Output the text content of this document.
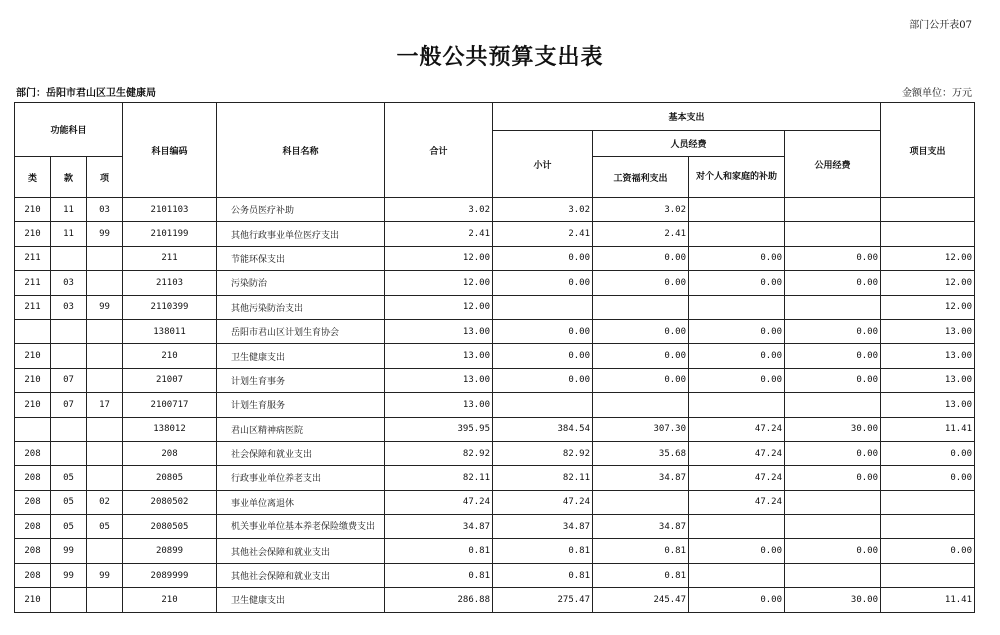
部门公开表07
一般公共预算支出表
部门：岳阳市君山区卫生健康局	金额单位：万元
功能科目			科目编码	科目名称	合计	基本支出				项目支出
						小计	人员经费		公用经费	
类	款	项					工资福利支出	对个人和家庭的补助		
210	11	03	2101103	公务员医疗补助	3.02	3.02	3.02			
210	11	99	2101199	其他行政事业单位医疗支出	2.41	2.41	2.41			
211			211	节能环保支出	12.00	0.00	0.00	0.00	0.00	12.00
211	03		21103	污染防治	12.00	0.00	0.00	0.00	0.00	12.00
211	03	99	2110399	其他污染防治支出	12.00					12.00
			138011	岳阳市君山区计划生育协会	13.00	0.00	0.00	0.00	0.00	13.00
210			210	卫生健康支出	13.00	0.00	0.00	0.00	0.00	13.00
210	07		21007	计划生育事务	13.00	0.00	0.00	0.00	0.00	13.00
210	07	17	2100717	计划生育服务	13.00					13.00
			138012	君山区精神病医院	395.95	384.54	307.30	47.24	30.00	11.41
208			208	社会保障和就业支出	82.92	82.92	35.68	47.24	0.00	0.00
208	05		20805	行政事业单位养老支出	82.11	82.11	34.87	47.24	0.00	0.00
208	05	02	2080502	事业单位离退休	47.24	47.24		47.24		
208	05	05	2080505	机关事业单位基本养老保险缴费支出	34.87	34.87	34.87			
208	99		20899	其他社会保障和就业支出	0.81	0.81	0.81	0.00	0.00	0.00
208	99	99	2089999	其他社会保障和就业支出	0.81	0.81	0.81			
210			210	卫生健康支出	286.88	275.47	245.47	0.00	30.00	11.41
